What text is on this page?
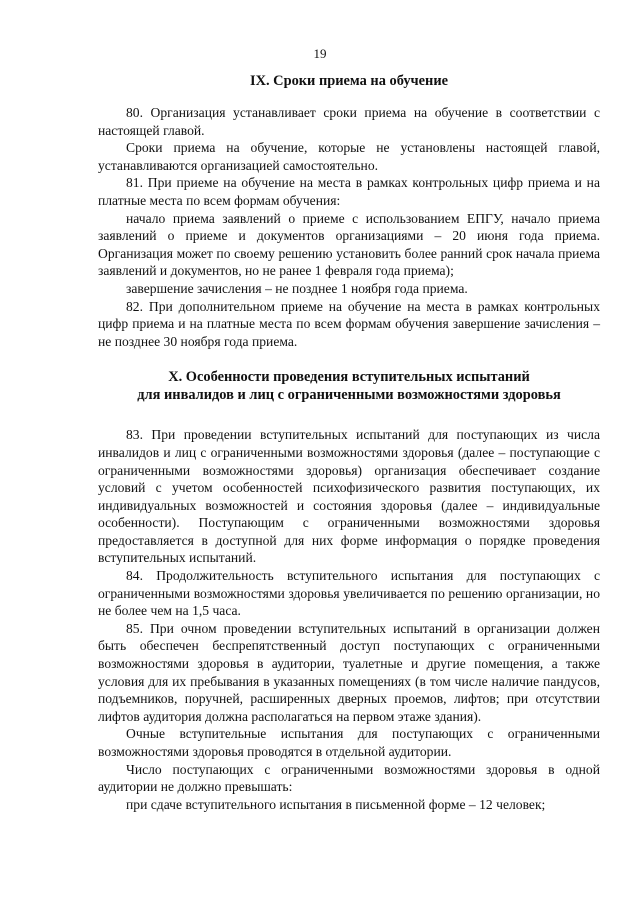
19
IX. Сроки приема на обучение

80. Организация устанавливает сроки приема на обучение в соответствии с настоящей главой.

Сроки приема на обучение, которые не установлены настоящей главой, устанавливаются организацией самостоятельно.

81. При приеме на обучение на места в рамках контрольных цифр приема и на платные места по всем формам обучения:

начало приема заявлений о приеме с использованием ЕПГУ, начало приема заявлений о приеме и документов организациями – 20 июня года приема. Организация может по своему решению установить более ранний срок начала приема заявлений и документов, но не ранее 1 февраля года приема);

завершение зачисления – не позднее 1 ноября года приема.

82. При дополнительном приеме на обучение на места в рамках контрольных цифр приема и на платные места по всем формам обучения завершение зачисления – не позднее 30 ноября года приема.

X. Особенности проведения вступительных испытаний
для инвалидов и лиц с ограниченными возможностями здоровья

83. При проведении вступительных испытаний для поступающих из числа инвалидов и лиц с ограниченными возможностями здоровья (далее – поступающие с ограниченными возможностями здоровья) организация обеспечивает создание условий с учетом особенностей психофизического развития поступающих, их индивидуальных возможностей и состояния здоровья (далее – индивидуальные особенности). Поступающим с ограниченными возможностями здоровья предоставляется в доступной для них форме информация о порядке проведения вступительных испытаний.

84. Продолжительность вступительного испытания для поступающих с ограниченными возможностями здоровья увеличивается по решению организации, но не более чем на 1,5 часа.

85. При очном проведении вступительных испытаний в организации должен быть обеспечен беспрепятственный доступ поступающих с ограниченными возможностями здоровья в аудитории, туалетные и другие помещения, а также условия для их пребывания в указанных помещениях (в том числе наличие пандусов, подъемников, поручней, расширенных дверных проемов, лифтов; при отсутствии лифтов аудитория должна располагаться на первом этаже здания).

Очные вступительные испытания для поступающих с ограниченными возможностями здоровья проводятся в отдельной аудитории.

Число поступающих с ограниченными возможностями здоровья в одной аудитории не должно превышать:

при сдаче вступительного испытания в письменной форме – 12 человек;
